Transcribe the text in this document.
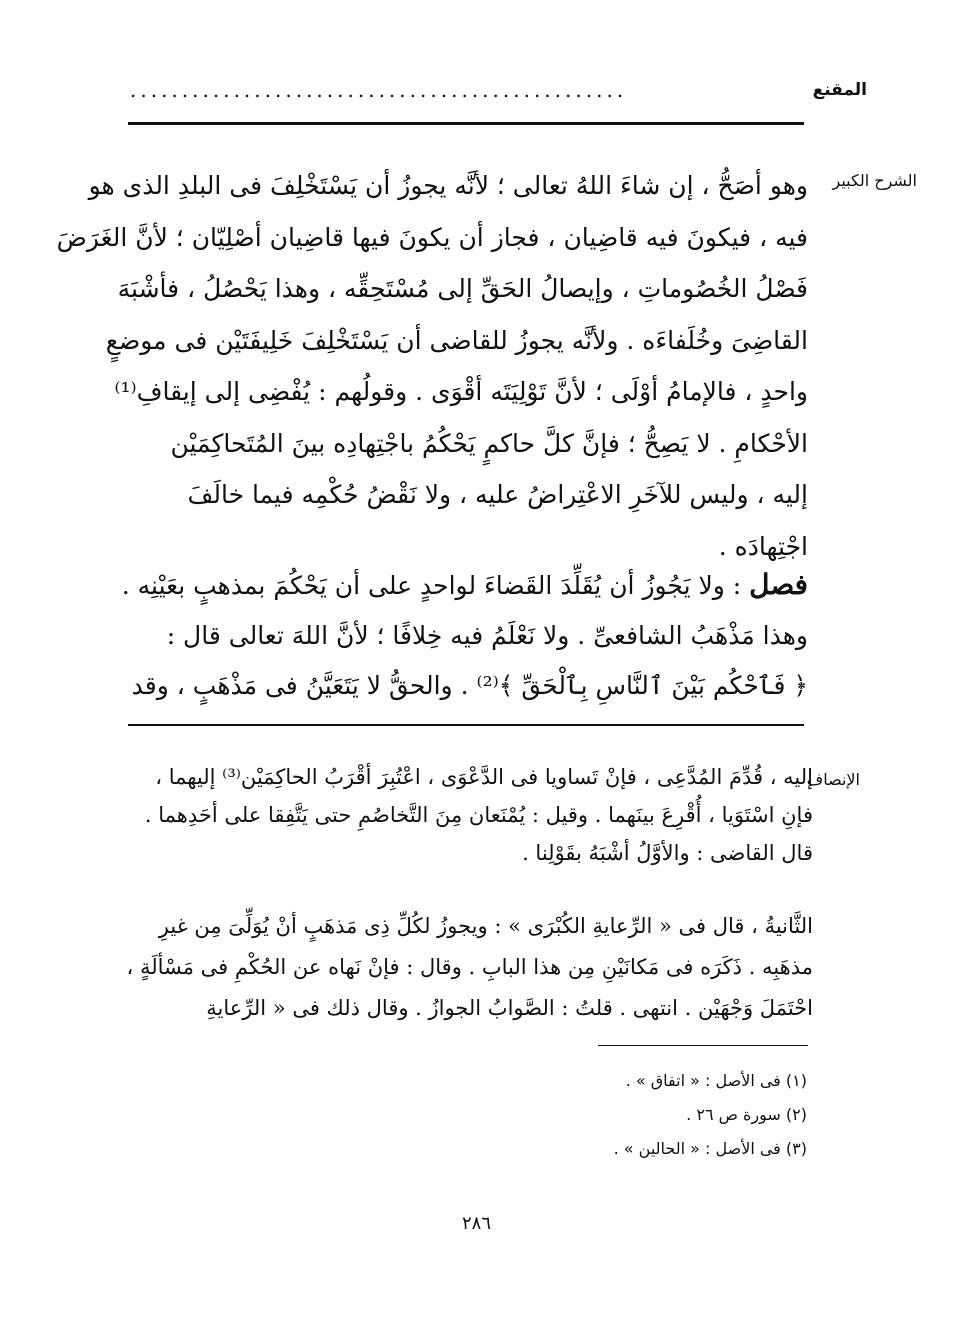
المقنع
................................................
الشرح الكبير
وهو أصَحُّ ، إن شاءَ اللهُ تعالى ؛ لأنَّه يجوزُ أن يَسْتَخْلِفَ فى البلدِ الذى هو
فيه ، فيكونَ فيه قاضِيان ، فجاز أن يكونَ فيها قاضِيان أصْلِيّان ؛ لأنَّ الغَرَضَ
فَصْلُ الخُصُوماتِ ، وإيصالُ الحَقِّ إلى مُسْتَحِقِّه ، وهذا يَحْصُلُ ، فأشْبَهَ
القاضِىَ وخُلَفاءَه . ولأنَّه يجوزُ للقاضى أن يَسْتَخْلِفَ خَلِيفَتَيْن فى موضعٍ
واحدٍ ، فالإمامُ أوْلَى ؛ لأنَّ تَوْلِيَتَه أقْوَى . وقولُهم : يُفْضِى إلى إيقافِ⁽¹⁾
الأحْكامِ . لا يَصِحُّ ؛ فإنَّ كلَّ حاكمٍ يَحْكُمُ باجْتِهادِه بينَ المُتَحاكِمَيْن
إليه ، وليس للآخَرِ الاعْتِراضُ عليه ، ولا نَقْضُ حُكْمِه فيما خالَفَ
اجْتِهادَه .
فصل : ولا يَجُوزُ أن يُقَلِّدَ القَضاءَ لواحدٍ على أن يَحْكُمَ بمذهبٍ بعَيْنِه .
وهذا مَذْهَبُ الشافعىِّ . ولا نَعْلَمُ فيه خِلافًا ؛ لأنَّ اللهَ تعالى قال :
﴿ فَٱحْكُم بَيْنَ ٱلنَّاسِ بِٱلْحَقِّ ﴾⁽²⁾ . والحقُّ لا يَتَعَيَّنُ فى مَذْهَبٍ ، وقد
الإنصاف
إليه ، قُدِّمَ المُدَّعِى ، فإنْ تَساويا فى الدَّعْوَى ، اعْتُبِرَ أقْرَبُ الحاكِمَيْن⁽³⁾ إليهما ،
فإنِ اسْتَوَيا ، أُقْرِعَ بينَهما . وقيل : يُمْنَعان مِنَ التَّخاصُمِ حتى يَتَّفِقا على أحَدِهما .
قال القاضى : والأوَّلُ أشْبَهُ بقَوْلِنا .
الثَّانيةُ ، قال فى « الرِّعايةِ الكُبْرَى » : ويجوزُ لكُلِّ ذِى مَذهَبٍ أنْ يُوَلِّىَ مِن غيرِ
مذهَبِه . ذَكَرَه فى مَكانَيْنِ مِن هذا البابِ . وقال : فإنْ نَهاه عن الحُكْمِ فى مَسْألَةٍ ،
احْتَمَلَ وَجْهَيْن . انتهى . قلتُ : الصَّوابُ الجوازُ . وقال ذلك فى « الرِّعايةِ
(١) فى الأصل : « اتفاق » .
(٢) سورة ص ٢٦ .
(٣) فى الأصل : « الحالين » .
٢٨٦
